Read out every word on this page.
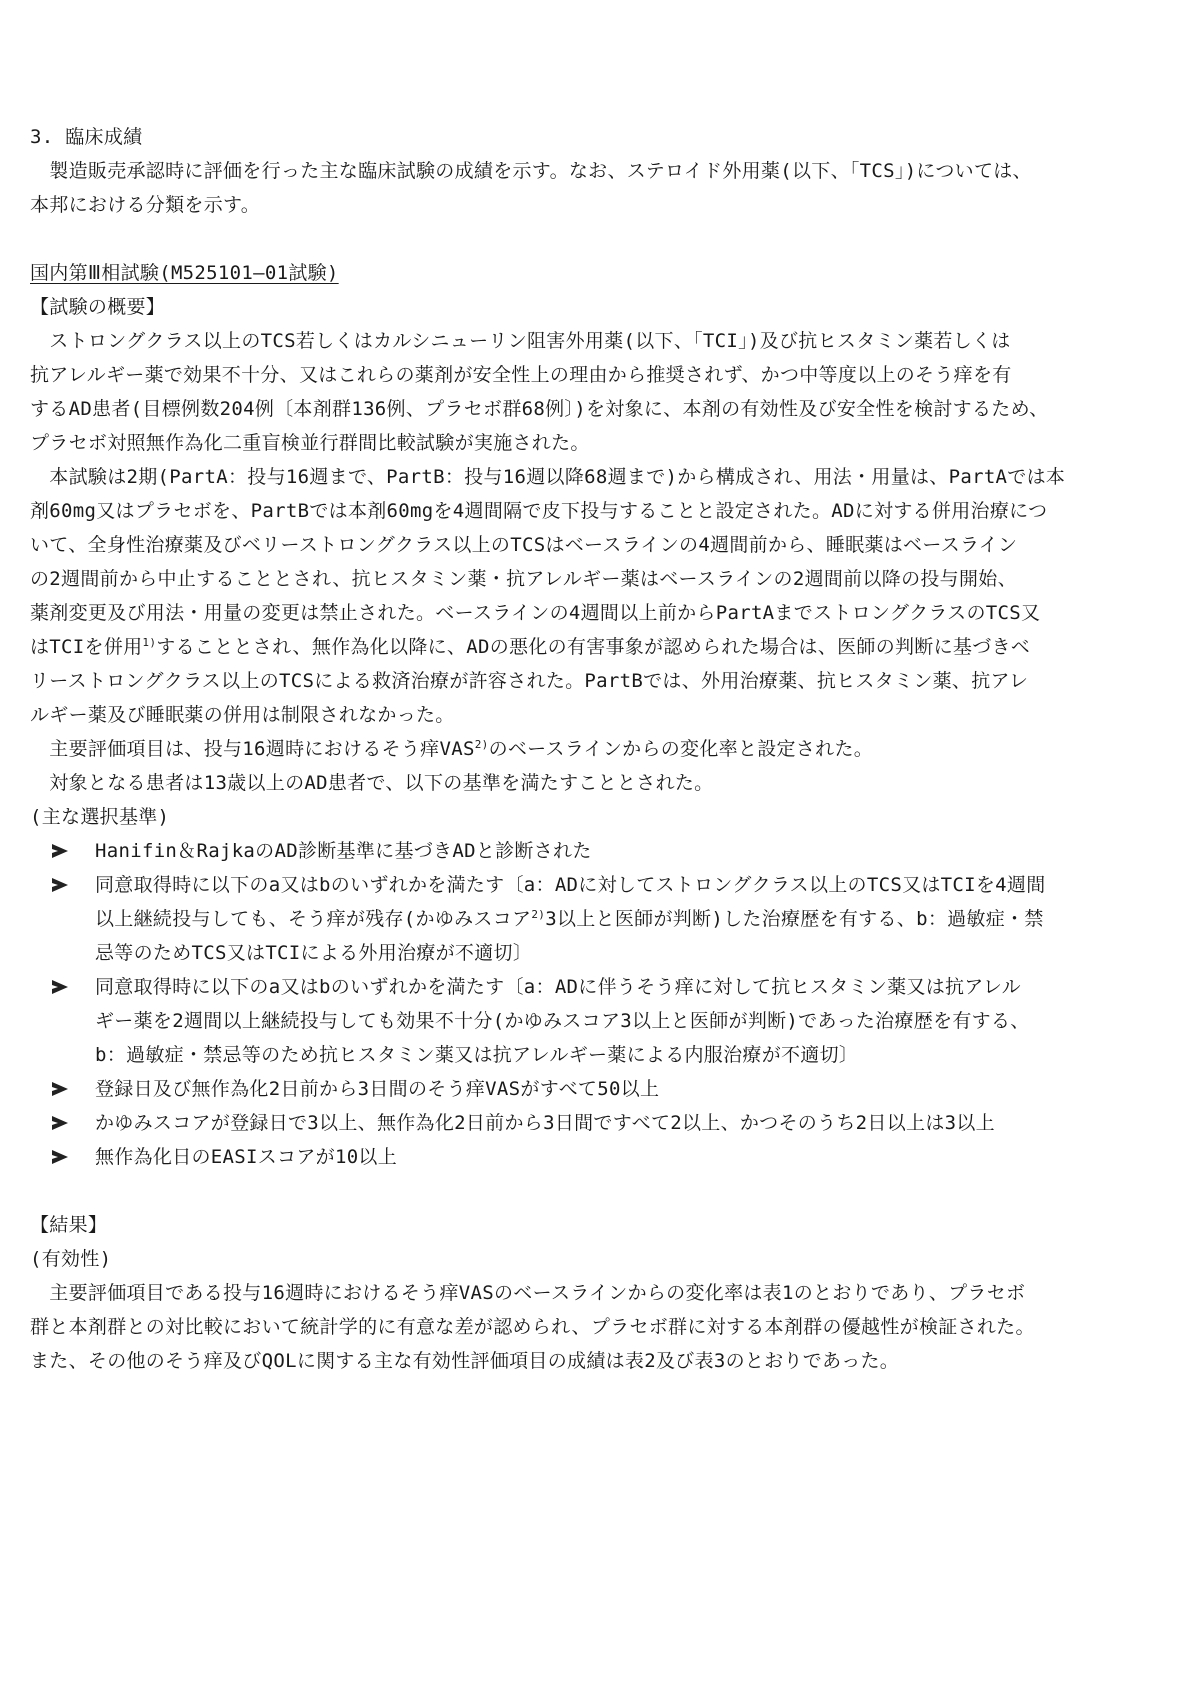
3. 臨床成績
　製造販売承認時に評価を行った主な臨床試験の成績を示す。なお、ステロイド外用薬(以下、「TCS」)については、
本邦における分類を示す。
国内第Ⅲ相試験(M525101―01試験)
【試験の概要】
　ストロングクラス以上のTCS若しくはカルシニューリン阻害外用薬(以下、「TCI」)及び抗ヒスタミン薬若しくは
抗アレルギー薬で効果不十分、又はこれらの薬剤が安全性上の理由から推奨されず、かつ中等度以上のそう痒を有
するAD患者(目標例数204例〔本剤群136例、プラセボ群68例〕)を対象に、本剤の有効性及び安全性を検討するため、
プラセボ対照無作為化二重盲検並行群間比較試験が実施された。
　本試験は2期(PartA：投与16週まで、PartB：投与16週以降68週まで)から構成され、用法・用量は、PartAでは本
剤60mg又はプラセボを、PartBでは本剤60mgを4週間隔で皮下投与することと設定された。ADに対する併用治療につ
いて、全身性治療薬及びベリーストロングクラス以上のTCSはベースラインの4週間前から、睡眠薬はベースライン
の2週間前から中止することとされ、抗ヒスタミン薬・抗アレルギー薬はベースラインの2週間前以降の投与開始、
薬剤変更及び用法・用量の変更は禁止された。ベースラインの4週間以上前からPartAまでストロングクラスのTCS又
はTCIを併用$^{1)}$することとされ、無作為化以降に、ADの悪化の有害事象が認められた場合は、医師の判断に基づきベ
リーストロングクラス以上のTCSによる救済治療が許容された。PartBでは、外用治療薬、抗ヒスタミン薬、抗アレ
ルギー薬及び睡眠薬の併用は制限されなかった。
　主要評価項目は、投与16週時におけるそう痒VAS$^{2)}$のベースラインからの変化率と設定された。
　対象となる患者は13歳以上のAD患者で、以下の基準を満たすこととされた。
(主な選択基準)
Hanifin＆RajkaのAD診断基準に基づきADと診断された
同意取得時に以下のa又はbのいずれかを満たす〔a：ADに対してストロングクラス以上のTCS又はTCIを4週間
以上継続投与しても、そう痒が残存(かゆみスコア$^{2)}$3以上と医師が判断)した治療歴を有する、b：過敏症・禁
忌等のためTCS又はTCIによる外用治療が不適切〕
同意取得時に以下のa又はbのいずれかを満たす〔a：ADに伴うそう痒に対して抗ヒスタミン薬又は抗アレル
ギー薬を2週間以上継続投与しても効果不十分(かゆみスコア3以上と医師が判断)であった治療歴を有する、
b：過敏症・禁忌等のため抗ヒスタミン薬又は抗アレルギー薬による内服治療が不適切〕
登録日及び無作為化2日前から3日間のそう痒VASがすべて50以上
かゆみスコアが登録日で3以上、無作為化2日前から3日間ですべて2以上、かつそのうち2日以上は3以上
無作為化日のEASIスコアが10以上
【結果】
(有効性)
　主要評価項目である投与16週時におけるそう痒VASのベースラインからの変化率は表1のとおりであり、プラセボ
群と本剤群との対比較において統計学的に有意な差が認められ、プラセボ群に対する本剤群の優越性が検証された。
また、その他のそう痒及びQOLに関する主な有効性評価項目の成績は表2及び表3のとおりであった。
